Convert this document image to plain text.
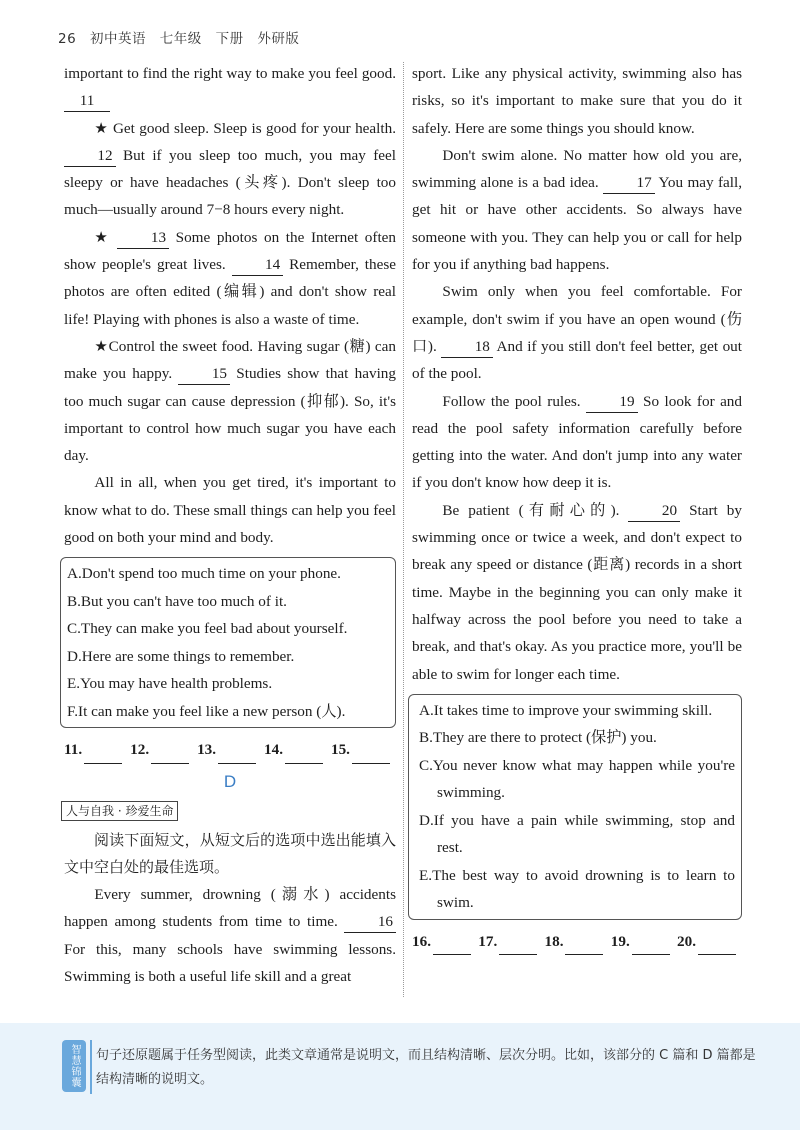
26 初中英语 七年级 下册 外研版

important to find the right way to make you feel good. 11

★ Get good sleep. Sleep is good for your health. 12 But if you sleep too much, you may feel sleepy or have headaches (头疼). Don't sleep too much—usually around 7−8 hours every night.

★ 13 Some photos on the Internet often show people's great lives. 14 Remember, these photos are often edited (编辑) and don't show real life! Playing with phones is also a waste of time.

★Control the sweet food. Having sugar (糖) can make you happy. 15 Studies show that having too much sugar can cause depression (抑郁). So, it's important to control how much sugar you have each day.

All in all, when you get tired, it's important to know what to do. These small things can help you feel good on both your mind and body.

A.Don't spend too much time on your phone.
B.But you can't have too much of it.
C.They can make you feel bad about yourself.
D.Here are some things to remember.
E.You may have health problems.
F.It can make you feel like a new person (人).
11.	12.	13.	14.	15.
D
人与自我 · 珍爱生命

阅读下面短文，从短文后的选项中选出能填入文中空白处的最佳选项。

Every summer, drowning (溺水) accidents happen among students from time to time. 16 For this, many schools have swimming lessons. Swimming is both a useful life skill and a great

sport. Like any physical activity, swimming also has risks, so it's important to make sure that you do it safely. Here are some things you should know.

Don't swim alone. No matter how old you are, swimming alone is a bad idea. 17 You may fall, get hit or have other accidents. So always have someone with you. They can help you or call for help for you if anything bad happens.

Swim only when you feel comfortable. For example, don't swim if you have an open wound (伤口). 18 And if you still don't feel better, get out of the pool.

Follow the pool rules. 19 So look for and read the pool safety information carefully before getting into the water. And don't jump into any water if you don't know how deep it is.

Be patient (有耐心的). 20 Start by swimming once or twice a week, and don't expect to break any speed or distance (距离) records in a short time. Maybe in the beginning you can only make it halfway across the pool before you need to take a break, and that's okay. As you practice more, you'll be able to swim for longer each time.

A.It takes time to improve your swimming skill.
B.They are there to protect (保护) you.
C.You never know what may happen while you're swimming.
D.If you have a pain while swimming, stop and rest.
E.The best way to avoid drowning is to learn to swim.
16.	17.	18.	19.	20.
智慧锦囊	句子还原题属于任务型阅读，此类文章通常是说明文，而且结构清晰、层次分明。比如，该部分的 C 篇和 D 篇都是结构清晰的说明文。
